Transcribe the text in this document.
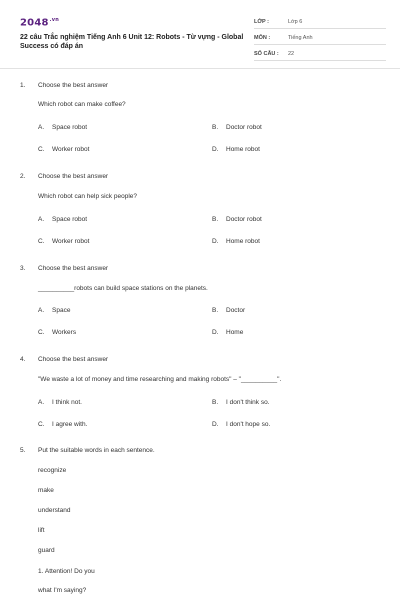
$2048^{.vn}$
22 câu Trắc nghiệm Tiếng Anh 6 Unit 12: Robots - Từ vựng - Global Success có đáp án
LỚP :	Lớp 6
MÔN :	Tiếng Anh
SỐ CÂU : 22
1. Choose the best answer
Which robot can make coffee?
A. Space robot	B. Doctor robot
C. Worker robot	D. Home robot
2. Choose the best answer
Which robot can help sick people?
A. Space robot	B. Doctor robot
C. Worker robot	D. Home robot
3. Choose the best answer
__________robots can build space stations on the planets.
A. Space	B. Doctor
C. Workers	D. Home
4. Choose the best answer
"We waste a lot of money and time researching and making robots" – "__________".
A. I think not.	B. I don't think so.
C. I agree with.	D. I don't hope so.
5. Put the suitable words in each sentence.
recognize
make
understand
lift
guard
1. Attention! Do you
what I'm saying?
